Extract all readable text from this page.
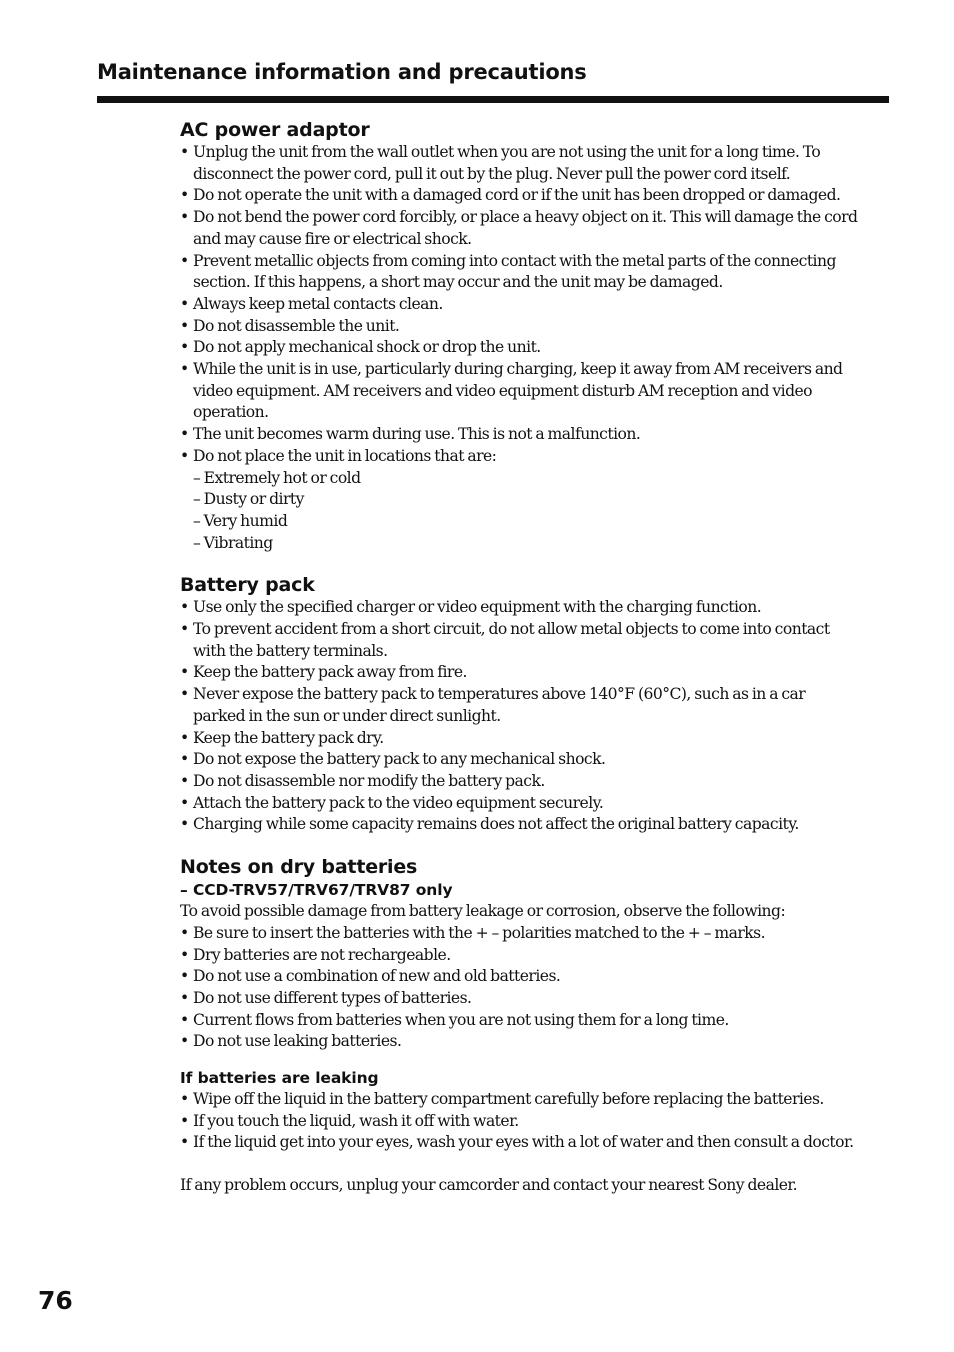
Maintenance information and precautions
AC power adaptor
• Unplug the unit from the wall outlet when you are not using the unit for a long time. To disconnect the power cord, pull it out by the plug. Never pull the power cord itself.
• Do not operate the unit with a damaged cord or if the unit has been dropped or damaged.
• Do not bend the power cord forcibly, or place a heavy object on it. This will damage the cord and may cause fire or electrical shock.
• Prevent metallic objects from coming into contact with the metal parts of the connecting section. If this happens, a short may occur and the unit may be damaged.
• Always keep metal contacts clean.
• Do not disassemble the unit.
• Do not apply mechanical shock or drop the unit.
• While the unit is in use, particularly during charging, keep it away from AM receivers and video equipment. AM receivers and video equipment disturb AM reception and video operation.
• The unit becomes warm during use. This is not a malfunction.
• Do not place the unit in locations that are:
– Extremely hot or cold
– Dusty or dirty
– Very humid
– Vibrating
Battery pack
• Use only the specified charger or video equipment with the charging function.
• To prevent accident from a short circuit, do not allow metal objects to come into contact with the battery terminals.
• Keep the battery pack away from fire.
• Never expose the battery pack to temperatures above 140°F (60°C), such as in a car parked in the sun or under direct sunlight.
• Keep the battery pack dry.
• Do not expose the battery pack to any mechanical shock.
• Do not disassemble nor modify the battery pack.
• Attach the battery pack to the video equipment securely.
• Charging while some capacity remains does not affect the original battery capacity.
Notes on dry batteries
– CCD-TRV57/TRV67/TRV87 only

To avoid possible damage from battery leakage or corrosion, observe the following:

• Be sure to insert the batteries with the + – polarities matched to the + – marks.
• Dry batteries are not rechargeable.
• Do not use a combination of new and old batteries.
• Do not use different types of batteries.
• Current flows from batteries when you are not using them for a long time.
• Do not use leaking batteries.
If batteries are leaking
• Wipe off the liquid in the battery compartment carefully before replacing the batteries.
• If you touch the liquid, wash it off with water.
• If the liquid get into your eyes, wash your eyes with a lot of water and then consult a doctor.

If any problem occurs, unplug your camcorder and contact your nearest Sony dealer.

76
